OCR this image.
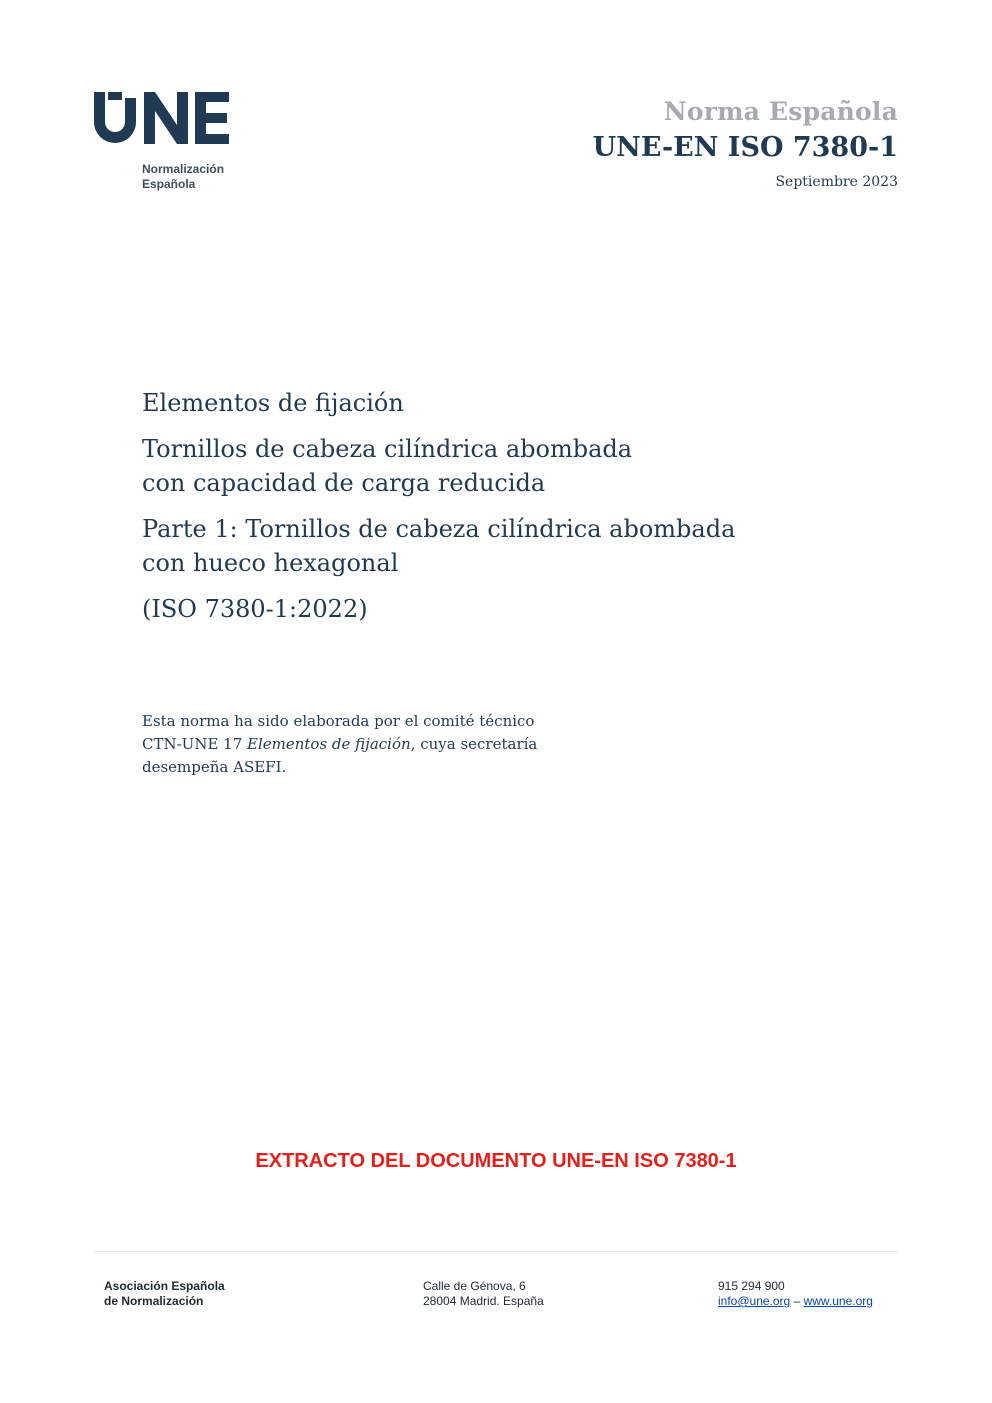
Normalización
Española
Norma Española
UNE-EN ISO 7380-1
Septiembre 2023

Elementos de fijación

Tornillos de cabeza cilíndrica abombada

con capacidad de carga reducida

Parte 1: Tornillos de cabeza cilíndrica abombada

con hueco hexagonal

(ISO 7380-1:2022)

Esta norma ha sido elaborada por el comité técnico
CTN-UNE 17 Elementos de fijación, cuya secretaría
desempeña ASEFI.
EXTRACTO DEL DOCUMENTO UNE-EN ISO 7380-1
Asociación Española
de Normalización
Calle de Génova, 6
28004 Madrid. España
915 294 900
info@une.org – www.une.org
